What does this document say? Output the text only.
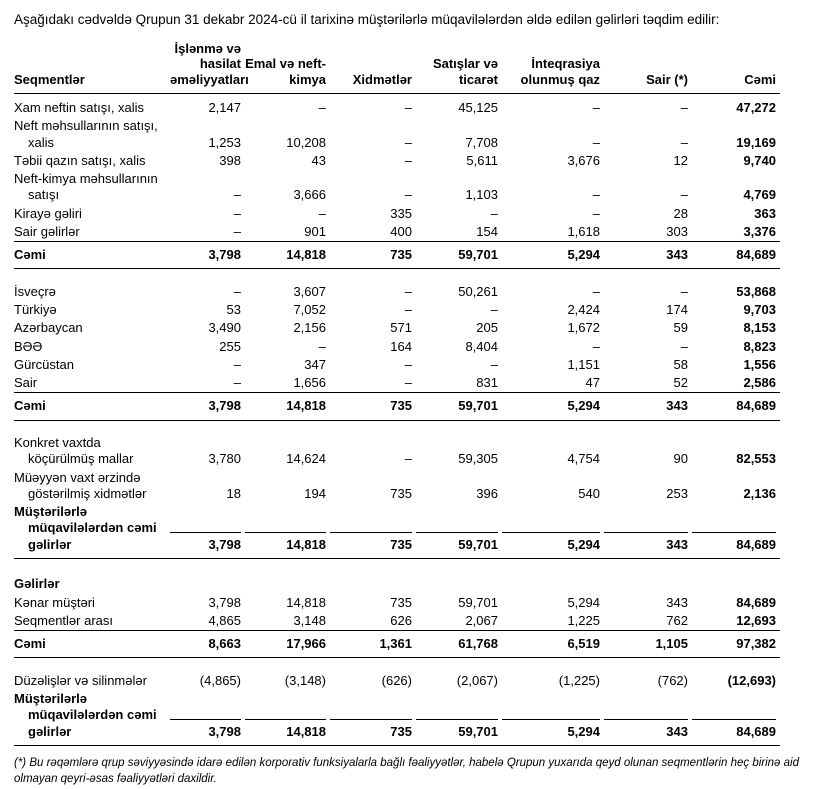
Aşağıdakı cədvəldə Qrupun 31 dekabr 2024-cü il tarixinə müştərilərlə müqavilələrdən əldə edilən gəlirləri təqdim edilir:

Seqmentlər	İşlənmə və hasilat əməliyyatları	Emal və neft-kimya	Xidmətlər	Satışlar və ticarət	İnteqrasiya olunmuş qaz	Sair (*)	Cəmi
Xam neftin satışı, xalis	2,147	–	–	45,125	–	–	47,272
Neft məhsullarının satışı, xalis	1,253	10,208	–	7,708	–	–	19,169
Təbii qazın satışı, xalis	398	43	–	5,611	3,676	12	9,740
Neft-kimya məhsullarının satışı	–	3,666	–	1,103	–	–	4,769
Kirayə gəliri	–	–	335	–	–	28	363
Sair gəlirlər	–	901	400	154	1,618	303	3,376
Cəmi	3,798	14,818	735	59,701	5,294	343	84,689

İsveçrə	–	3,607	–	50,261	–	–	53,868
Türkiyə	53	7,052	–	–	2,424	174	9,703
Azərbaycan	3,490	2,156	571	205	1,672	59	8,153
BƏƏ	255	–	164	8,404	–	–	8,823
Gürcüstan	–	347	–	–	1,151	58	1,556
Sair	–	1,656	–	831	47	52	2,586
Cəmi	3,798	14,818	735	59,701	5,294	343	84,689

Konkret vaxtda köçürülmüş mallar	3,780	14,624	–	59,305	4,754	90	82,553
Müəyyən vaxt ərzində göstərilmiş xidmətlər	18	194	735	396	540	253	2,136
Müştərilərlə müqavilələrdən cəmi gəlirlər	3,798	14,818	735	59,701	5,294	343	84,689

Gəlirlər							
Kənar müştəri	3,798	14,818	735	59,701	5,294	343	84,689
Seqmentlər arası	4,865	3,148	626	2,067	1,225	762	12,693
Cəmi	8,663	17,966	1,361	61,768	6,519	1,105	97,382

Düzəlişlər və silinmələr	(4,865)	(3,148)	(626)	(2,067)	(1,225)	(762)	(12,693)
Müştərilərlə müqavilələrdən cəmi gəlirlər	3,798	14,818	735	59,701	5,294	343	84,689

(*) Bu rəqəmlərə qrup səviyyəsində idarə edilən korporativ funksiyalarla bağlı fəaliyyətlər, habelə Qrupun yuxarıda qeyd olunan seqmentlərin heç birinə aid olmayan qeyri-əsas fəaliyyətləri daxildir.
